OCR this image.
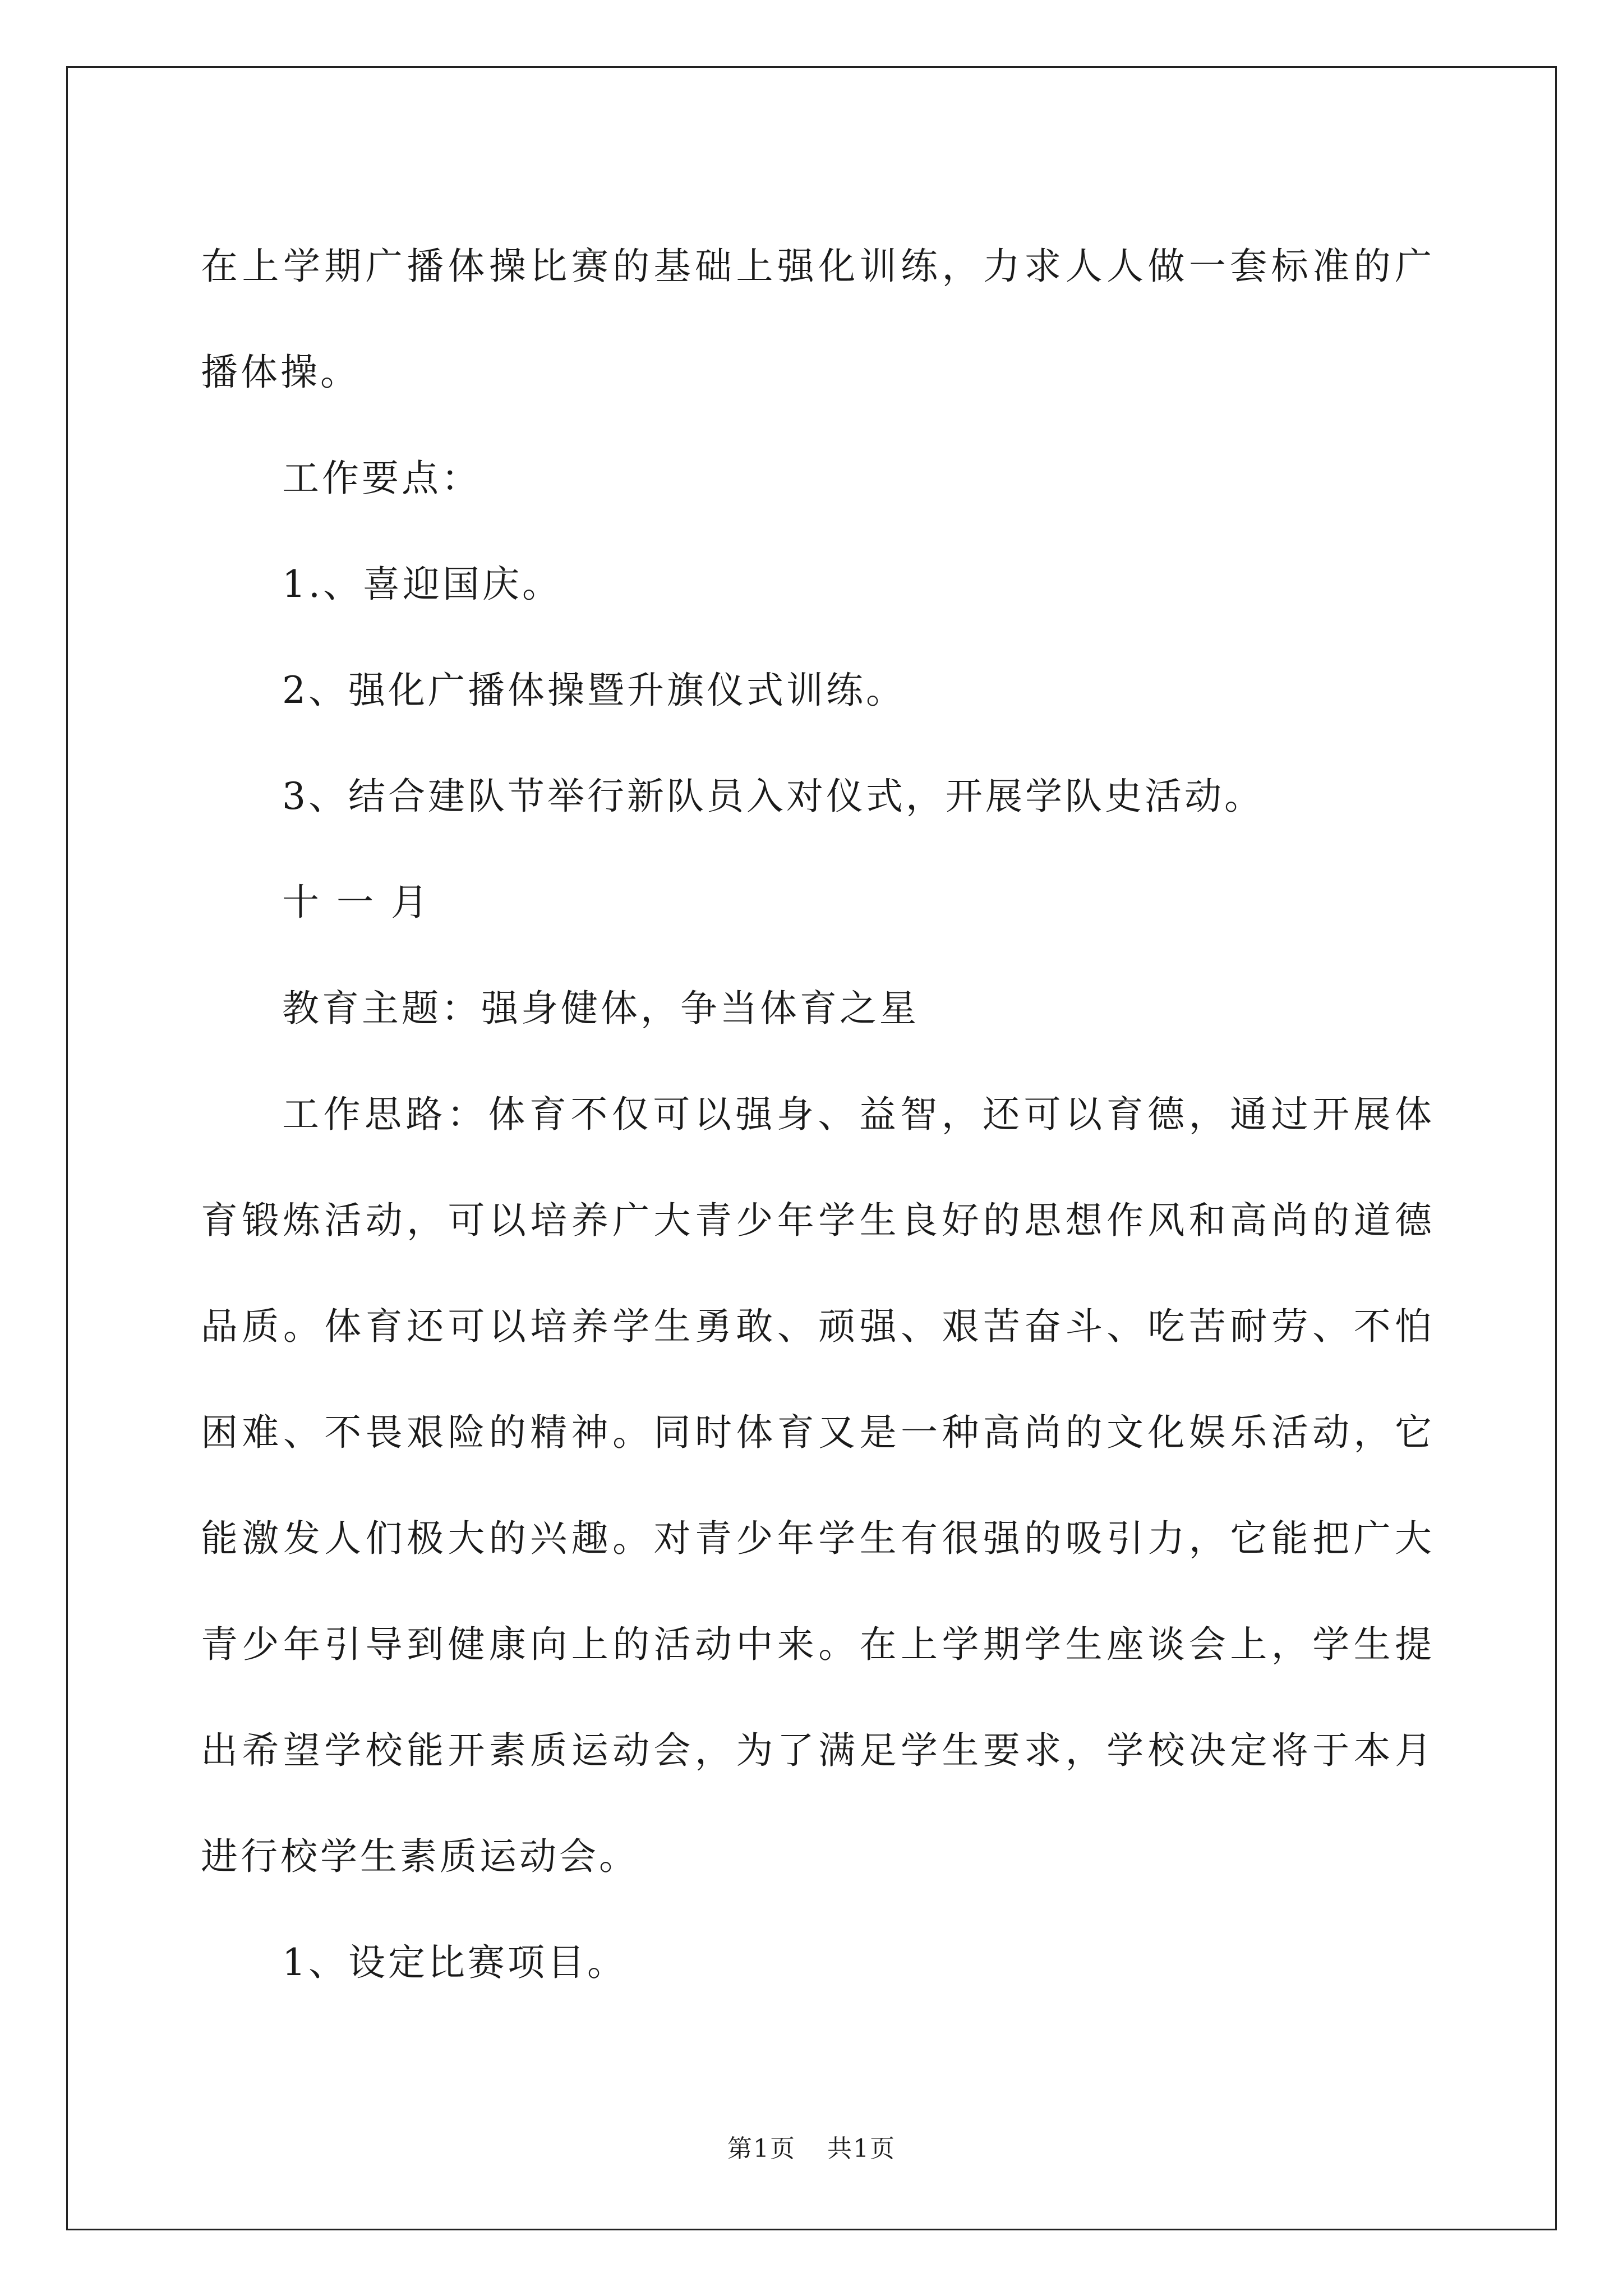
在上学期广播体操比赛的基础上强化训练，力求人人做一套标准的广播体操。

工作要点：

1.、喜迎国庆。

2、强化广播体操暨升旗仪式训练。

3、结合建队节举行新队员入对仪式，开展学队史活动。

十 一 月

教育主题：强身健体，争当体育之星

工作思路：体育不仅可以强身、益智，还可以育德，通过开展体育锻炼活动，可以培养广大青少年学生良好的思想作风和高尚的道德品质。体育还可以培养学生勇敢、顽强、艰苦奋斗、吃苦耐劳、不怕困难、不畏艰险的精神。同时体育又是一种高尚的文化娱乐活动，它能激发人们极大的兴趣。对青少年学生有很强的吸引力，它能把广大青少年引导到健康向上的活动中来。在上学期学生座谈会上，学生提出希望学校能开素质运动会，为了满足学生要求，学校决定将于本月进行校学生素质运动会。

1、设定比赛项目。

第1页 共1页
